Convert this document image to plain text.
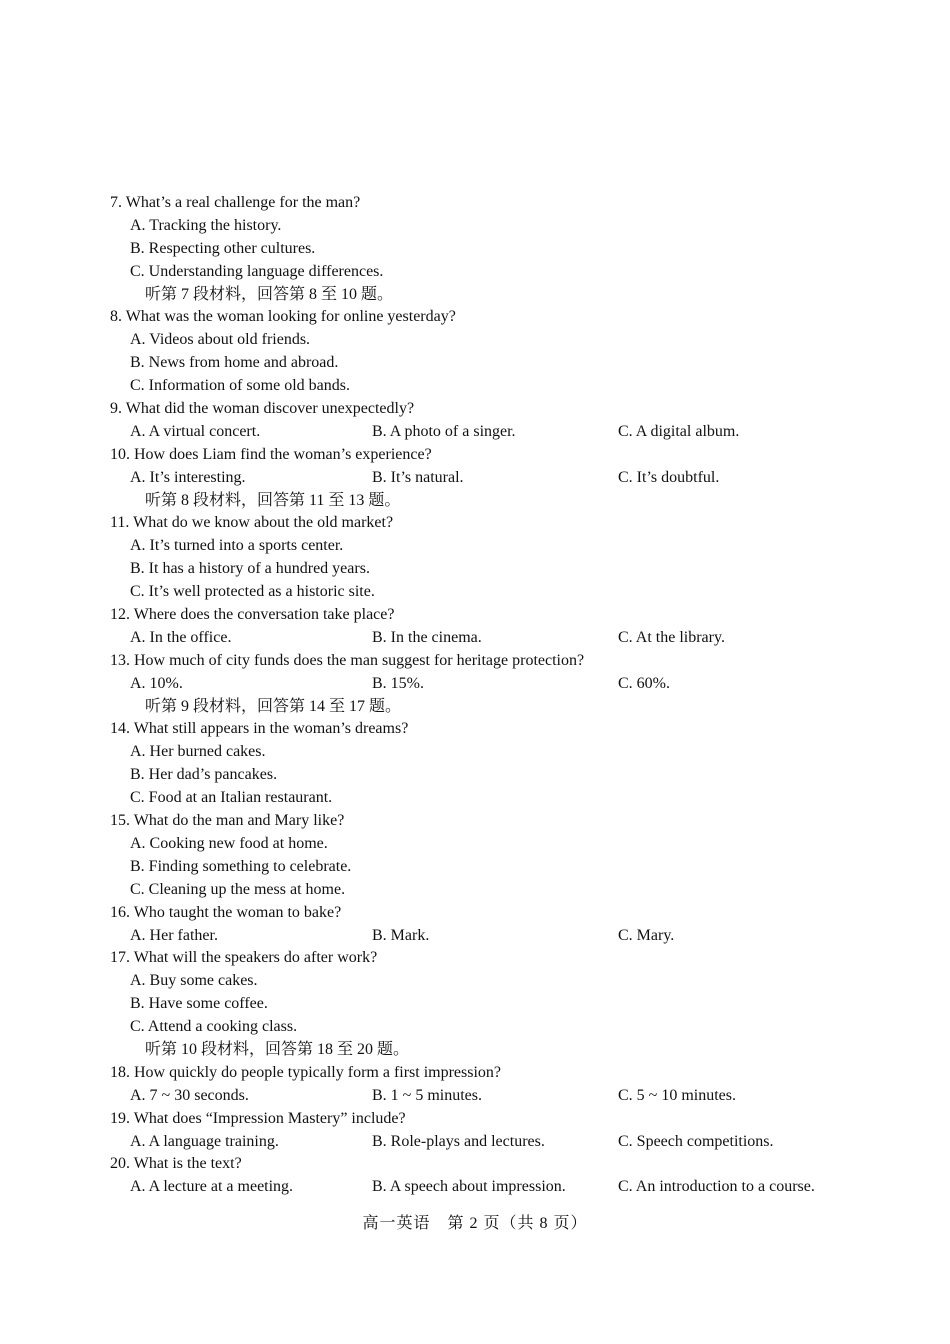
7. What’s a real challenge for the man?
A. Tracking the history.
B. Respecting other cultures.
C. Understanding language differences.
听第 7 段材料，回答第 8 至 10 题。
8. What was the woman looking for online yesterday?
A. Videos about old friends.
B. News from home and abroad.
C. Information of some old bands.
9. What did the woman discover unexpectedly?
A. A virtual concert.	B. A photo of a singer.	C. A digital album.
10. How does Liam find the woman’s experience?
A. It’s interesting.	B. It’s natural.	C. It’s doubtful.
听第 8 段材料，回答第 11 至 13 题。
11. What do we know about the old market?
A. It’s turned into a sports center.
B. It has a history of a hundred years.
C. It’s well protected as a historic site.
12. Where does the conversation take place?
A. In the office.	B. In the cinema.	C. At the library.
13. How much of city funds does the man suggest for heritage protection?
A. 10%.	B. 15%.	C. 60%.
听第 9 段材料，回答第 14 至 17 题。
14. What still appears in the woman’s dreams?
A. Her burned cakes.
B. Her dad’s pancakes.
C. Food at an Italian restaurant.
15. What do the man and Mary like?
A. Cooking new food at home.
B. Finding something to celebrate.
C. Cleaning up the mess at home.
16. Who taught the woman to bake?
A. Her father.	B. Mark.	C. Mary.
17. What will the speakers do after work?
A. Buy some cakes.
B. Have some coffee.
C. Attend a cooking class.
听第 10 段材料，回答第 18 至 20 题。
18. How quickly do people typically form a first impression?
A. 7 ~ 30 seconds.	B. 1 ~ 5 minutes.	C. 5 ~ 10 minutes.
19. What does “Impression Mastery” include?
A. A language training.	B. Role-plays and lectures.	C. Speech competitions.
20. What is the text?
A. A lecture at a meeting.	B. A speech about impression.	C. An introduction to a course.
高一英语　第 2 页（共 8 页）
